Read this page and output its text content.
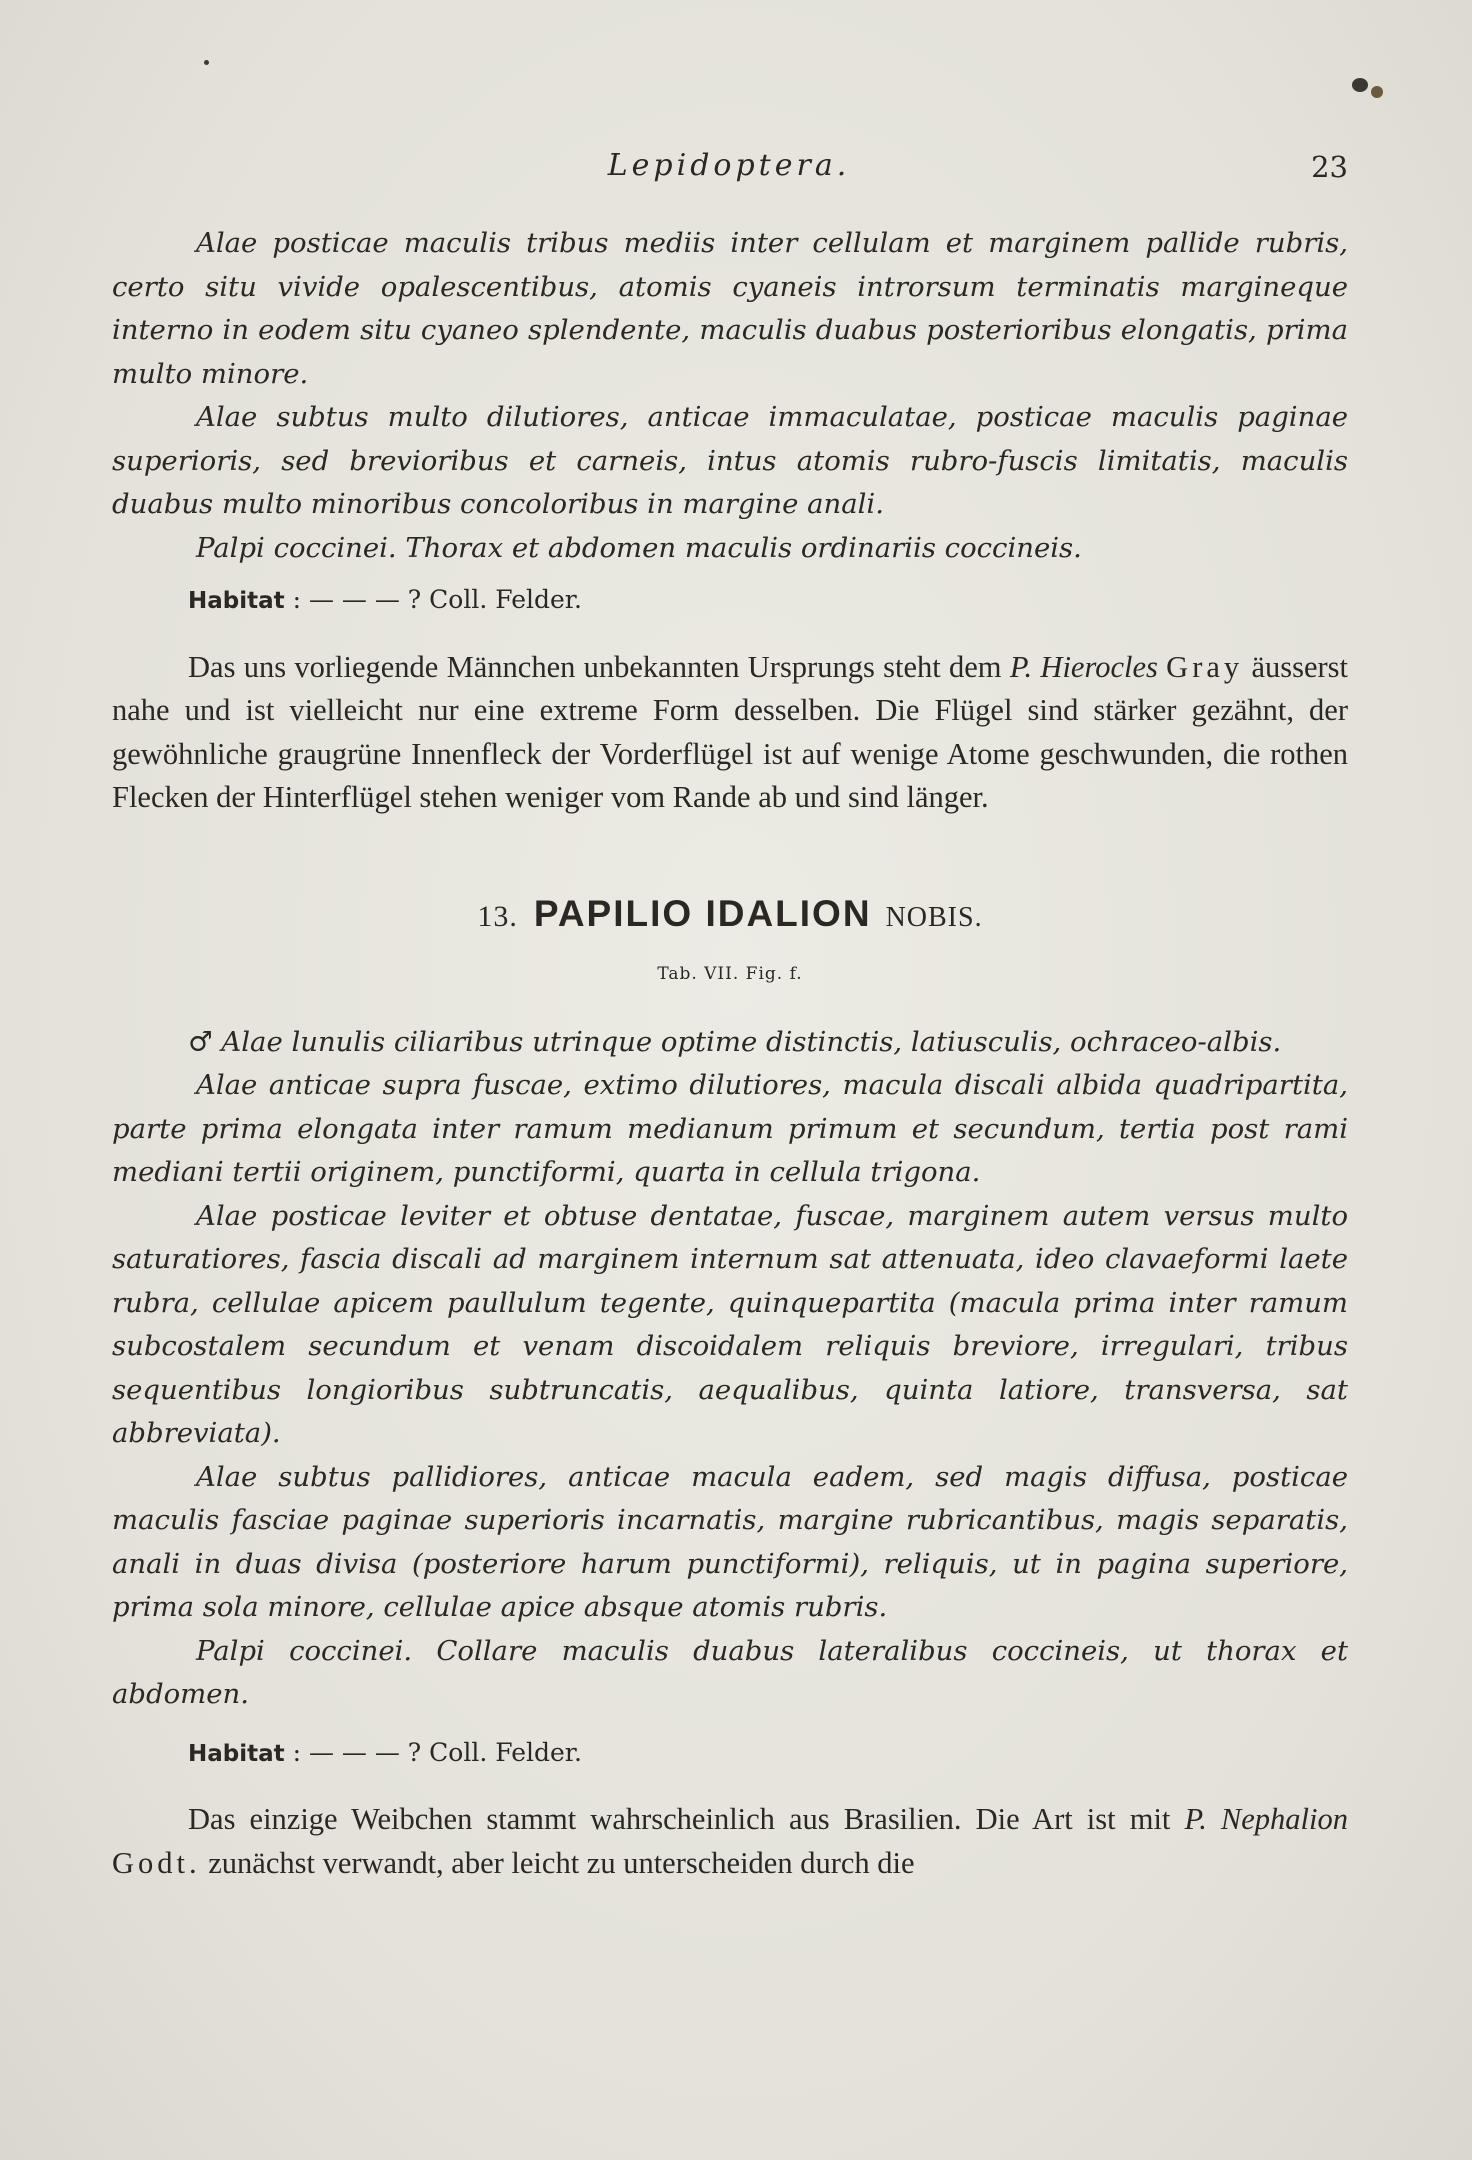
Lepidoptera.	23

Alae posticae maculis tribus mediis inter cellulam et marginem pallide rubris, certo situ vivide opalescentibus, atomis cyaneis introrsum terminatis margineque interno in eodem situ cyaneo splendente, maculis duabus posterioribus elongatis, prima multo minore.

Alae subtus multo dilutiores, anticae immaculatae, posticae maculis paginae superioris, sed brevioribus et carneis, intus atomis rubro-fuscis limitatis, maculis duabus multo minoribus concoloribus in margine anali.

Palpi coccinei. Thorax et abdomen maculis ordinariis coccineis.

Habitat : — — — ? Coll. Felder.

Das uns vorliegende Männchen unbekannten Ursprungs steht dem P. Hierocles Gray äusserst nahe und ist vielleicht nur eine extreme Form desselben. Die Flügel sind stärker gezähnt, der gewöhnliche graugrüne Innenfleck der Vorderflügel ist auf wenige Atome geschwunden, die rothen Flecken der Hinterflügel stehen weniger vom Rande ab und sind länger.

13. PAPILIO IDALION NOBIS.
Tab. VII. Fig. f.

♂ Alae lunulis ciliaribus utrinque optime distinctis, latiusculis, ochraceo-albis.

Alae anticae supra fuscae, extimo dilutiores, macula discali albida quadripartita, parte prima elongata inter ramum medianum primum et secundum, tertia post rami mediani tertii originem, punctiformi, quarta in cellula trigona.

Alae posticae leviter et obtuse dentatae, fuscae, marginem autem versus multo saturatiores, fascia discali ad marginem internum sat attenuata, ideo clavaeformi laete rubra, cellulae apicem paullulum tegente, quinquepartita (macula prima inter ramum subcostalem secundum et venam discoidalem reliquis breviore, irregulari, tribus sequentibus longioribus subtruncatis, aequalibus, quinta latiore, transversa, sat abbreviata).

Alae subtus pallidiores, anticae macula eadem, sed magis diffusa, posticae maculis fasciae paginae superioris incarnatis, margine rubricantibus, magis separatis, anali in duas divisa (posteriore harum punctiformi), reliquis, ut in pagina superiore, prima sola minore, cellulae apice absque atomis rubris.

Palpi coccinei. Collare maculis duabus lateralibus coccineis, ut thorax et abdomen.

Habitat : — — — ? Coll. Felder.

Das einzige Weibchen stammt wahrscheinlich aus Brasilien. Die Art ist mit P. Nephalion Godt. zunächst verwandt, aber leicht zu unterscheiden durch die
